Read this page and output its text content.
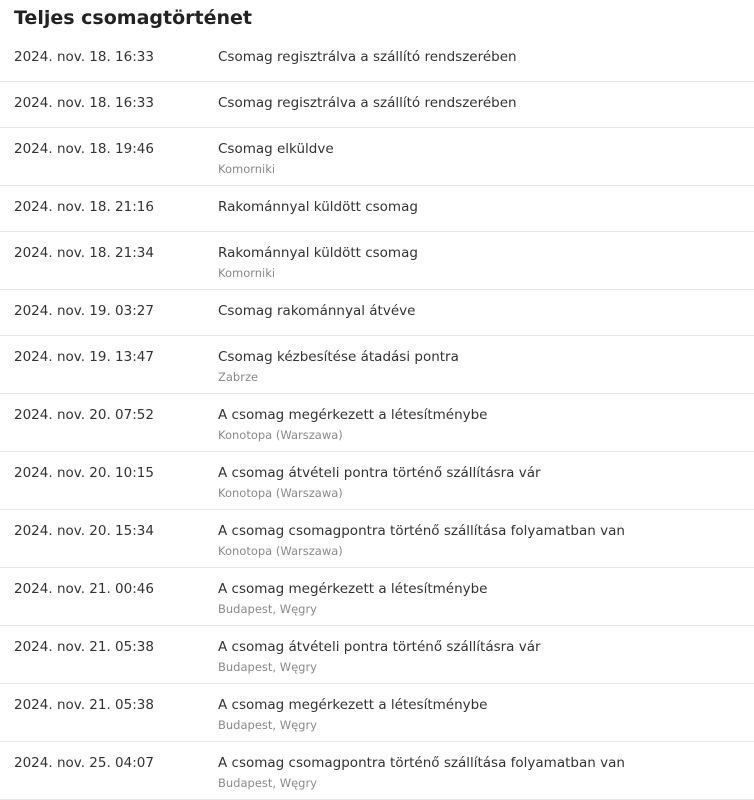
Teljes csomagtörténet
2024. nov. 18. 16:33	Csomag regisztrálva a szállító rendszerében
2024. nov. 18. 16:33	Csomag regisztrálva a szállító rendszerében
2024. nov. 18. 19:46	Csomag elküldve
Komorniki
2024. nov. 18. 21:16	Rakománnyal küldött csomag
2024. nov. 18. 21:34	Rakománnyal küldött csomag
Komorniki
2024. nov. 19. 03:27	Csomag rakománnyal átvéve
2024. nov. 19. 13:47	Csomag kézbesítése átadási pontra
Zabrze
2024. nov. 20. 07:52	A csomag megérkezett a létesítménybe
Konotopa (Warszawa)
2024. nov. 20. 10:15	A csomag átvételi pontra történő szállításra vár
Konotopa (Warszawa)
2024. nov. 20. 15:34	A csomag csomagpontra történő szállítása folyamatban van
Konotopa (Warszawa)
2024. nov. 21. 00:46	A csomag megérkezett a létesítménybe
Budapest, Węgry
2024. nov. 21. 05:38	A csomag átvételi pontra történő szállításra vár
Budapest, Węgry
2024. nov. 21. 05:38	A csomag megérkezett a létesítménybe
Budapest, Węgry
2024. nov. 25. 04:07	A csomag csomagpontra történő szállítása folyamatban van
Budapest, Węgry
